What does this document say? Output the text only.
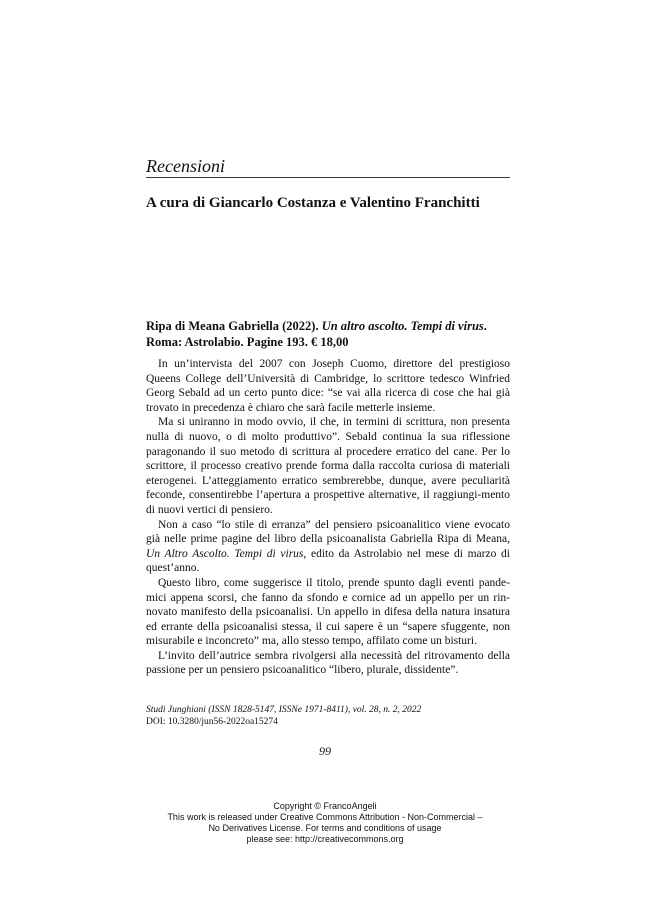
Recensioni
A cura di Giancarlo Costanza e Valentino Franchitti
Ripa di Meana Gabriella (2022). Un altro ascolto. Tempi di virus. Roma: Astrolabio. Pagine 193. € 18,00

In un’intervista del 2007 con Joseph Cuomo, direttore del prestigioso Queens College dell’Università di Cambridge, lo scrittore tedesco Winfried Georg Sebald ad un certo punto dice: “se vai alla ricerca di cose che hai già trovato in precedenza è chiaro che sarà facile metterle insieme.

Ma si uniranno in modo ovvio, il che, in termini di scrittura, non presenta nulla di nuovo, o di molto produttivo”. Sebald continua la sua riflessione paragonando il suo metodo di scrittura al procedere erratico del cane. Per lo scrittore, il processo creativo prende forma dalla raccolta curiosa di materiali eterogenei. L’atteggiamento erratico sembrerebbe, dunque, avere peculiarità feconde, consentirebbe l’apertura a prospettive alternative, il raggiungi-mento di nuovi vertici di pensiero.

Non a caso “lo stile di erranza” del pensiero psicoanalitico viene evocato già nelle prime pagine del libro della psicoanalista Gabriella Ripa di Meana, Un Altro Ascolto. Tempi di virus, edito da Astrolabio nel mese di marzo di quest’anno.

Questo libro, come suggerisce il titolo, prende spunto dagli eventi pande-mici appena scorsi, che fanno da sfondo e cornice ad un appello per un rin-novato manifesto della psicoanalisi. Un appello in difesa della natura insatura ed errante della psicoanalisi stessa, il cui sapere è un “sapere sfuggente, non misurabile e inconcreto” ma, allo stesso tempo, affilato come un bisturi.

L’invito dell’autrice sembra rivolgersi alla necessità del ritrovamento della passione per un pensiero psicoanalitico “libero, plurale, dissidente”.

Studi Junghiani (ISSN 1828-5147, ISSNe 1971-8411), vol. 28, n. 2, 2022
DOI: 10.3280/jun56-2022oa15274
99
Copyright © FrancoAngeli
This work is released under Creative Commons Attribution - Non-Commercial –
No Derivatives License. For terms and conditions of usage
please see: http://creativecommons.org
